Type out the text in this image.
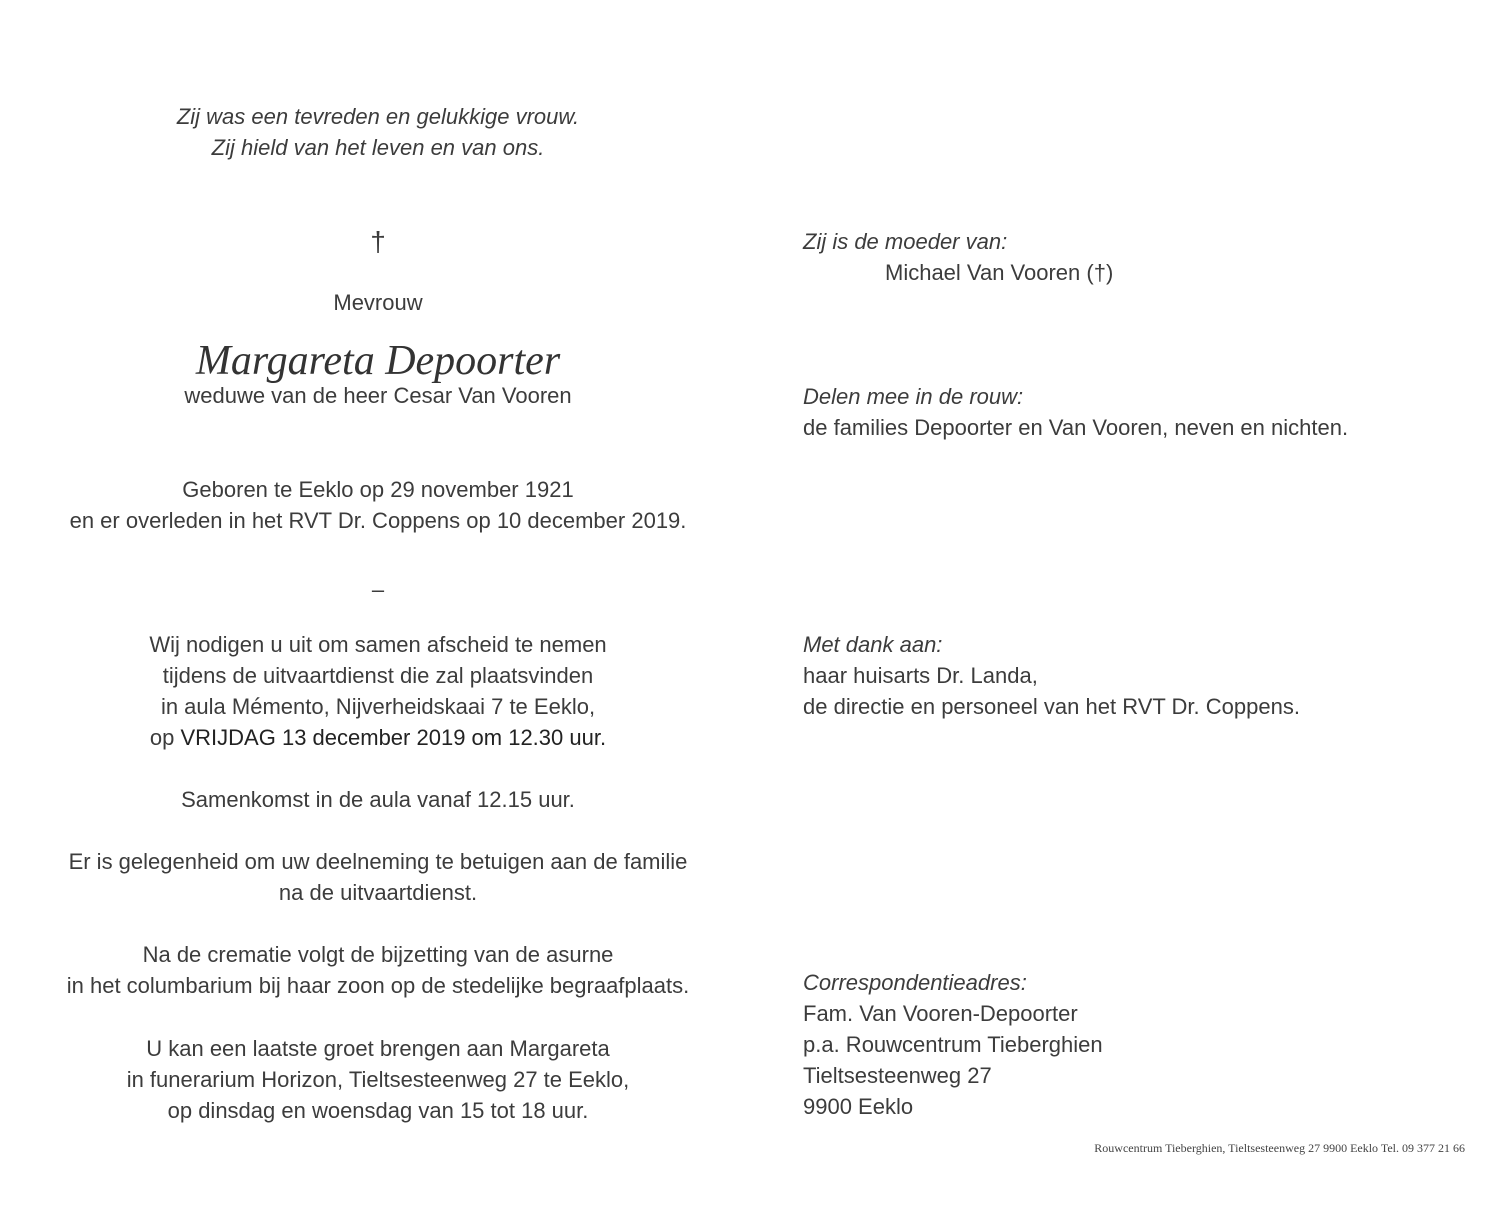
Zij was een tevreden en gelukkige vrouw.
Zij hield van het leven en van ons.
†
Mevrouw
Margareta Depoorter
weduwe van de heer Cesar Van Vooren
Geboren te Eeklo op 29 november 1921
en er overleden in het RVT Dr. Coppens op 10 december 2019.
–
Wij nodigen u uit om samen afscheid te nemen
tijdens de uitvaartdienst die zal plaatsvinden
in aula Mémento, Nijverheidskaai 7 te Eeklo,
op VRIJDAG 13 december 2019 om 12.30 uur.
Samenkomst in de aula vanaf 12.15 uur.
Er is gelegenheid om uw deelneming te betuigen aan de familie
na de uitvaartdienst.
Na de crematie volgt de bijzetting van de asurne
in het columbarium bij haar zoon op de stedelijke begraafplaats.
U kan een laatste groet brengen aan Margareta
in funerarium Horizon, Tieltsesteenweg 27 te Eeklo,
op dinsdag en woensdag van 15 tot 18 uur.
Zij is de moeder van:
Michael Van Vooren (†)
Delen mee in de rouw:
de families Depoorter en Van Vooren, neven en nichten.
Met dank aan:
haar huisarts Dr. Landa,
de directie en personeel van het RVT Dr. Coppens.
Correspondentieadres:
Fam. Van Vooren-Depoorter
p.a. Rouwcentrum Tieberghien
Tieltsesteenweg 27
9900 Eeklo
Rouwcentrum Tieberghien, Tieltsesteenweg 27 9900 Eeklo Tel. 09 377 21 66
